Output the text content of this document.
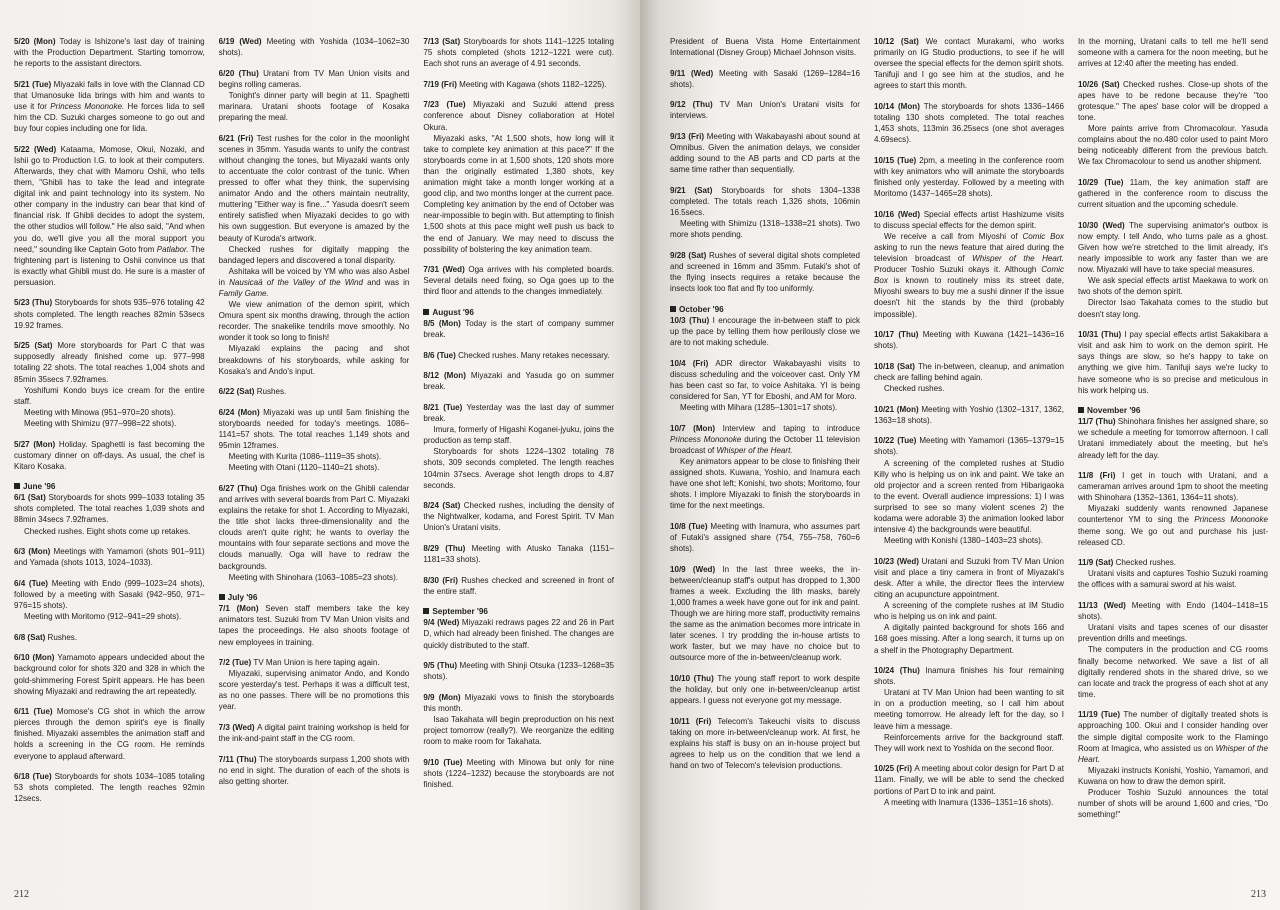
5/20 (Mon) Today is Ishizone's last day of training with the Production Department. Starting tomorrow, he reports to the assistant directors.

5/21 (Tue) Miyazaki falls in love with the Clannad CD that Umanosuke Iida brings with him and wants to use it for Princess Mononoke. He forces Iida to sell him the CD. Suzuki charges someone to go out and buy four copies including one for Iida.

5/22 (Wed) Kataama, Momose, Okui, Nozaki, and Ishii go to Production I.G. to look at their computers. Afterwards, they chat with Mamoru Oshii, who tells them, "Ghibli has to take the lead and integrate digital ink and paint technology into its system. No other company in the industry can bear that kind of financial risk. If Ghibli decides to adopt the system, the other studios will follow." He also said, "And when you do, we'll give you all the moral support you need," sounding like Captain Goto from Patlabor. The frightening part is listening to Oshii convince us that is exactly what Ghibli must do. He sure is a master of persuasion.

5/23 (Thu) Storyboards for shots 935–976 totaling 42 shots completed. The length reaches 82min 53secs 19.92 frames.

5/25 (Sat) More storyboards for Part C that was supposedly already finished come up. 977–998 totaling 22 shots. The total reaches 1,004 shots and 85min 35secs 7.92frames.

Yoshifumi Kondo buys ice cream for the entire staff.

Meeting with Minowa (951–970=20 shots).

Meeting with Shimizu (977–998=22 shots).

5/27 (Mon) Holiday. Spaghetti is fast becoming the customary dinner on off-days. As usual, the chef is Kitaro Kosaka.

June '96

6/1 (Sat) Storyboards for shots 999–1033 totaling 35 shots completed. The total reaches 1,039 shots and 88min 34secs 7.92frames.

Checked rushes. Eight shots come up retakes.

6/3 (Mon) Meetings with Yamamori (shots 901–911) and Yamada (shots 1013, 1024–1033).

6/4 (Tue) Meeting with Endo (999–1023=24 shots), followed by a meeting with Sasaki (942–950, 971–976=15 shots).

Meeting with Moritomo (912–941=29 shots).

6/8 (Sat) Rushes.

6/10 (Mon) Yamamoto appears undecided about the background color for shots 320 and 328 in which the gold-shimmering Forest Spirit appears. He has been showing Miyazaki and redrawing the art repeatedly.

6/11 (Tue) Momose's CG shot in which the arrow pierces through the demon spirit's eye is finally finished. Miyazaki assembles the animation staff and holds a screening in the CG room. He reminds everyone to applaud afterward.

6/18 (Tue) Storyboards for shots 1034–1085 totaling 53 shots completed. The length reaches 92min 12secs.

6/19 (Wed) Meeting with Yoshida (1034–1062=30 shots).

6/20 (Thu) Uratani from TV Man Union visits and begins rolling cameras.

Tonight's dinner party will begin at 11. Spaghetti marinara. Uratani shoots footage of Kosaka preparing the meal.

6/21 (Fri) Test rushes for the color in the moonlight scenes in 35mm. Yasuda wants to unify the contrast without changing the tones, but Miyazaki wants only to accentuate the color contrast of the tunic. When pressed to offer what they think, the supervising animator Ando and the others maintain neutrality, muttering "Either way is fine..." Yasuda doesn't seem entirely satisfied when Miyazaki decides to go with his own suggestion. But everyone is amazed by the beauty of Kuroda's artwork.

Checked rushes for digitally mapping the bandaged lepers and discovered a tonal disparity.

Ashitaka will be voiced by YM who was also Asbel in Nausicaä of the Valley of the Wind and was in Family Game.

We view animation of the demon spirit, which Omura spent six months drawing, through the action recorder. The snakelike tendrils move smoothly. No wonder it took so long to finish!

Miyazaki explains the pacing and shot breakdowns of his storyboards, while asking for Kosaka's and Ando's input.

6/22 (Sat) Rushes.

6/24 (Mon) Miyazaki was up until 5am finishing the storyboards needed for today's meetings. 1086–1141=57 shots. The total reaches 1,149 shots and 95min 12frames.

Meeting with Kurita (1086–1119=35 shots).

Meeting with Otani (1120–1140=21 shots).

6/27 (Thu) Oga finishes work on the Ghibli calendar and arrives with several boards from Part C. Miyazaki explains the retake for shot 1. According to Miyazaki, the title shot lacks three-dimensionality and the clouds aren't quite right; he wants to overlay the mountains with four separate sections and move the clouds manually. Oga will have to redraw the backgrounds.

Meeting with Shinohara (1063–1085=23 shots).

July '96

7/1 (Mon) Seven staff members take the key animators test. Suzuki from TV Man Union visits and tapes the proceedings. He also shoots footage of new employees in training.

7/2 (Tue) TV Man Union is here taping again.

Miyazaki, supervising animator Ando, and Kondo score yesterday's test. Perhaps it was a difficult test, as no one passes. There will be no promotions this year.

7/3 (Wed) A digital paint training workshop is held for the ink-and-paint staff in the CG room.

7/11 (Thu) The storyboards surpass 1,200 shots with no end in sight. The duration of each of the shots is also getting shorter.

7/13 (Sat) Storyboards for shots 1141–1225 totaling 75 shots completed (shots 1212–1221 were cut). Each shot runs an average of 4.91 seconds.

7/19 (Fri) Meeting with Kagawa (shots 1182–1225).

7/23 (Tue) Miyazaki and Suzuki attend press conference about Disney collaboration at Hotel Okura.

Miyazaki asks, "At 1,500 shots, how long will it take to complete key animation at this pace?" If the storyboards come in at 1,500 shots, 120 shots more than the originally estimated 1,380 shots, key animation might take a month longer working at a good clip, and two months longer at the current pace. Completing key animation by the end of October was near-impossible to begin with. But attempting to finish 1,500 shots at this pace might well push us back to the end of January. We may need to discuss the possibility of bolstering the key animation team.

7/31 (Wed) Oga arrives with his completed boards. Several details need fixing, so Oga goes up to the third floor and attends to the changes immediately.

August '96

8/5 (Mon) Today is the start of company summer break.

8/6 (Tue) Checked rushes. Many retakes necessary.

8/12 (Mon) Miyazaki and Yasuda go on summer break.

8/21 (Tue) Yesterday was the last day of summer break.

Imura, formerly of Higashi Koganei-jyuku, joins the production as temp staff.

Storyboards for shots 1224–1302 totaling 78 shots, 309 seconds completed. The length reaches 104min 37secs. Average shot length drops to 4.87 seconds.

8/24 (Sat) Checked rushes, including the density of the Nightwalker, kodama, and Forest Spirit. TV Man Union's Uratani visits.

8/29 (Thu) Meeting with Atusko Tanaka (1151–1181=33 shots).

8/30 (Fri) Rushes checked and screened in front of the entire staff.

September '96

9/4 (Wed) Miyazaki redraws pages 22 and 26 in Part D, which had already been finished. The changes are quickly distributed to the staff.

9/5 (Thu) Meeting with Shinji Otsuka (1233–1268=35 shots).

9/9 (Mon) Miyazaki vows to finish the storyboards this month.

Isao Takahata will begin preproduction on his next project tomorrow (really?). We reorganize the editing room to make room for Takahata.

9/10 (Tue) Meeting with Minowa but only for nine shots (1224–1232) because the storyboards are not finished.

212

President of Buena Vista Home Entertainment International (Disney Group) Michael Johnson visits.

9/11 (Wed) Meeting with Sasaki (1269–1284=16 shots).

9/12 (Thu) TV Man Union's Uratani visits for interviews.

9/13 (Fri) Meeting with Wakabayashi about sound at Omnibus. Given the animation delays, we consider adding sound to the AB parts and CD parts at the same time rather than sequentially.

9/21 (Sat) Storyboards for shots 1304–1338 completed. The totals reach 1,326 shots, 106min 16.5secs.

Meeting with Shimizu (1318–1338=21 shots). Two more shots pending.

9/28 (Sat) Rushes of several digital shots completed and screened in 16mm and 35mm. Futaki's shot of the flying insects requires a retake because the insects look too flat and fly too uniformly.

October '96

10/3 (Thu) I encourage the in-between staff to pick up the pace by telling them how perilously close we are to not making schedule.

10/4 (Fri) ADR director Wakabayashi visits to discuss scheduling and the voiceover cast. Only YM has been cast so far, to voice Ashitaka. YI is being considered for San, YT for Eboshi, and AM for Moro.

Meeting with Mihara (1285–1301=17 shots).

10/7 (Mon) Interview and taping to introduce Princess Mononoke during the October 11 television broadcast of Whisper of the Heart.

Key animators appear to be close to finishing their assigned shots. Kuwana, Yoshio, and Inamura each have one shot left; Konishi, two shots; Moritomo, four shots. I implore Miyazaki to finish the storyboards in time for the next meetings.

10/8 (Tue) Meeting with Inamura, who assumes part of Futaki's assigned share (754, 755–758, 760=6 shots).

10/9 (Wed) In the last three weeks, the in-between/cleanup staff's output has dropped to 1,300 frames a week. Excluding the lith masks, barely 1,000 frames a week have gone out for ink and paint. Though we are hiring more staff, productivity remains the same as the animation becomes more intricate in later scenes. I try prodding the in-house artists to work faster, but we may have no choice but to outsource more of the in-between/cleanup work.

10/10 (Thu) The young staff report to work despite the holiday, but only one in-between/cleanup artist appears. I guess not everyone got my message.

10/11 (Fri) Telecom's Takeuchi visits to discuss taking on more in-between/cleanup work. At first, he explains his staff is busy on an in-house project but agrees to help us on the condition that we lend a hand on two of Telecom's television productions.

10/12 (Sat) We contact Murakami, who works primarily on IG Studio productions, to see if he will oversee the special effects for the demon spirit shots. Tanifuji and I go see him at the studios, and he agrees to start this month.

10/14 (Mon) The storyboards for shots 1336–1466 totaling 130 shots completed. The total reaches 1,453 shots, 113min 36.25secs (one shot averages 4.69secs).

10/15 (Tue) 2pm, a meeting in the conference room with key animators who will animate the storyboards finished only yesterday. Followed by a meeting with Moritomo (1437–1465=28 shots).

10/16 (Wed) Special effects artist Hashizume visits to discuss special effects for the demon spirit.

We receive a call from Miyoshi of Comic Box asking to run the news feature that aired during the television broadcast of Whisper of the Heart. Producer Toshio Suzuki okays it. Although Comic Box is known to routinely miss its street date, Miyoshi swears to buy me a sushi dinner if the issue doesn't hit the stands by the third (probably impossible).

10/17 (Thu) Meeting with Kuwana (1421–1436=16 shots).

10/18 (Sat) The in-between, cleanup, and animation check are falling behind again.

Checked rushes.

10/21 (Mon) Meeting with Yoshio (1302–1317, 1362, 1363=18 shots).

10/22 (Tue) Meeting with Yamamori (1365–1379=15 shots).

A screening of the completed rushes at Studio Killy who is helping us on ink and paint. We take an old projector and a screen rented from Hibarigaoka to the event. Overall audience impressions: 1) I was surprised to see so many violent scenes 2) the kodama were adorable 3) the animation looked labor intensive 4) the backgrounds were beautiful.

Meeting with Konishi (1380–1403=23 shots).

10/23 (Wed) Uratani and Suzuki from TV Man Union visit and place a tiny camera in front of Miyazaki's desk. After a while, the director flees the interview citing an acupuncture appointment.

A screening of the complete rushes at IM Studio who is helping us on ink and paint.

A digitally painted background for shots 166 and 168 goes missing. After a long search, it turns up on a shelf in the Photography Department.

10/24 (Thu) Inamura finishes his four remaining shots.

Uratani at TV Man Union had been wanting to sit in on a production meeting, so I call him about meeting tomorrow. He already left for the day, so I leave him a message.

Reinforcements arrive for the background staff. They will work next to Yoshida on the second floor.

10/25 (Fri) A meeting about color design for Part D at 11am. Finally, we will be able to send the checked portions of Part D to ink and paint.

A meeting with Inamura (1336–1351=16 shots).

In the morning, Uratani calls to tell me he'll send someone with a camera for the noon meeting, but he arrives at 12:40 after the meeting has ended.

10/26 (Sat) Checked rushes. Close-up shots of the apes have to be redone because they're "too grotesque." The apes' base color will be dropped a tone.

More paints arrive from Chromacolour. Yasuda complains about the no.480 color used to paint Moro being noticeably different from the previous batch. We fax Chromacolour to send us another shipment.

10/29 (Tue) 11am, the key animation staff are gathered in the conference room to discuss the current situation and the upcoming schedule.

10/30 (Wed) The supervising animator's outbox is now empty. I tell Ando, who turns pale as a ghost. Given how we're stretched to the limit already, it's nearly impossible to work any faster than we are now. Miyazaki will have to take special measures.

We ask special effects artist Maekawa to work on two shots of the demon spirit.

Director Isao Takahata comes to the studio but doesn't stay long.

10/31 (Thu) I pay special effects artist Sakakibara a visit and ask him to work on the demon spirit. He says things are slow, so he's happy to take on anything we give him. Tanifuji says we're lucky to have someone who is so precise and meticulous in his work helping us.

November '96

11/7 (Thu) Shinohara finishes her assigned share, so we schedule a meeting for tomorrow afternoon. I call Uratani immediately about the meeting, but he's already left for the day.

11/8 (Fri) I get in touch with Uratani, and a cameraman arrives around 1pm to shoot the meeting with Shinohara (1352–1361, 1364=11 shots).

Miyazaki suddenly wants renowned Japanese countertenor YM to sing the Princess Mononoke theme song. We go out and purchase his just-released CD.

11/9 (Sat) Checked rushes.

Uratani visits and captures Toshio Suzuki roaming the offices with a samurai sword at his waist.

11/13 (Wed) Meeting with Endo (1404–1418=15 shots).

Uratani visits and tapes scenes of our disaster prevention drills and meetings.

The computers in the production and CG rooms finally become networked. We save a list of all digitally rendered shots in the shared drive, so we can locate and track the progress of each shot at any time.

11/19 (Tue) The number of digitally treated shots is approaching 100. Okui and I consider handing over the simple digital composite work to the Flamingo Room at Imagica, who assisted us on Whisper of the Heart.

Miyazaki instructs Konishi, Yoshio, Yamamori, and Kuwana on how to draw the demon spirit.

Producer Toshio Suzuki announces the total number of shots will be around 1,600 and cries, "Do something!"

213
